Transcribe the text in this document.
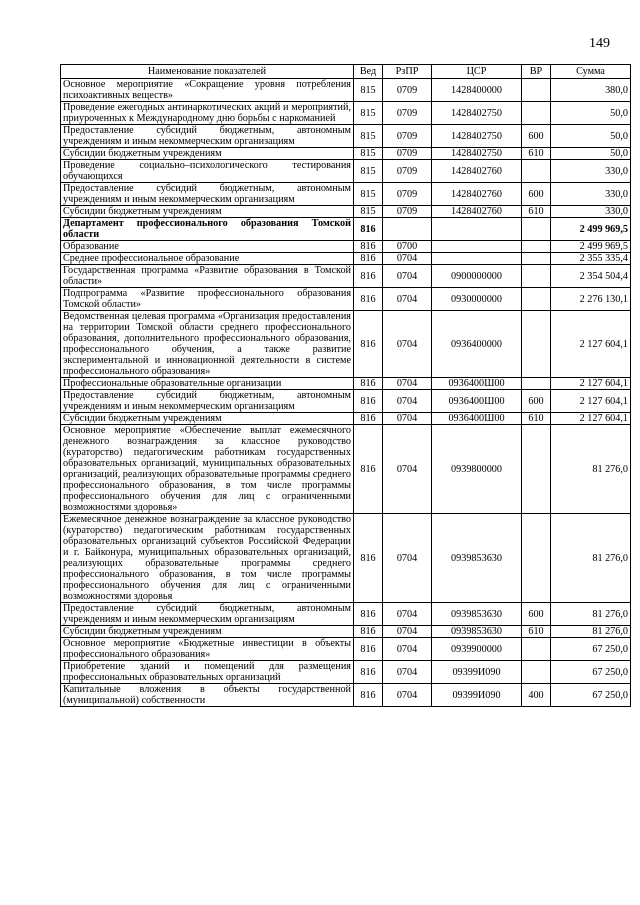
149
Наименование показателей	Вед	РзПР	ЦСР	ВР	Сумма
Основное мероприятие «Сокращение уровня потребления психоактивных веществ»	815	0709	1428400000		380,0
Проведение ежегодных антинаркотических акций и мероприятий, приуроченных к Международному дню борьбы с наркоманией	815	0709	1428402750		50,0
Предоставление субсидий бюджетным, автономным учреждениям и иным некоммерческим организациям	815	0709	1428402750	600	50,0
Субсидии бюджетным учреждениям	815	0709	1428402750	610	50,0
Проведение социально–психологического тестирования обучающихся	815	0709	1428402760		330,0
Предоставление субсидий бюджетным, автономным учреждениям и иным некоммерческим организациям	815	0709	1428402760	600	330,0
Субсидии бюджетным учреждениям	815	0709	1428402760	610	330,0
Департамент профессионального образования Томской области	816				2 499 969,5
Образование	816	0700			2 499 969,5
Среднее профессиональное образование	816	0704			2 355 335,4
Государственная программа «Развитие образования в Томской области»	816	0704	0900000000		2 354 504,4
Подпрограмма «Развитие профессионального образования Томской области»	816	0704	0930000000		2 276 130,1
Ведомственная целевая программа «Организация предоставления на территории Томской области среднего профессионального образования, дополнительного профессионального образования, профессионального обучения, а также развитие экспериментальной и инновационной деятельности в системе профессионального образования»	816	0704	0936400000		2 127 604,1
Профессиональные образовательные организации	816	0704	0936400Ш00		2 127 604,1
Предоставление субсидий бюджетным, автономным учреждениям и иным некоммерческим организациям	816	0704	0936400Ш00	600	2 127 604,1
Субсидии бюджетным учреждениям	816	0704	0936400Ш00	610	2 127 604,1
Основное мероприятие «Обеспечение выплат ежемесячного денежного вознаграждения за классное руководство (кураторство) педагогическим работникам государственных образовательных организаций, муниципальных образовательных организаций, реализующих образовательные программы среднего профессионального образования, в том числе программы профессионального обучения для лиц с ограниченными возможностями здоровья»	816	0704	0939800000		81 276,0
Ежемесячное денежное вознаграждение за классное руководство (кураторство) педагогическим работникам государственных образовательных организаций субъектов Российской Федерации и г. Байконура, муниципальных образовательных организаций, реализующих образовательные программы среднего профессионального образования, в том числе программы профессионального обучения для лиц с ограниченными возможностями здоровья	816	0704	0939853630		81 276,0
Предоставление субсидий бюджетным, автономным учреждениям и иным некоммерческим организациям	816	0704	0939853630	600	81 276,0
Субсидии бюджетным учреждениям	816	0704	0939853630	610	81 276,0
Основное мероприятие «Бюджетные инвестиции в объекты профессионального образования»	816	0704	0939900000		67 250,0
Приобретение зданий и помещений для размещения профессиональных образовательных организаций	816	0704	09399И090		67 250,0
Капитальные вложения в объекты государственной (муниципальной) собственности	816	0704	09399И090	400	67 250,0
